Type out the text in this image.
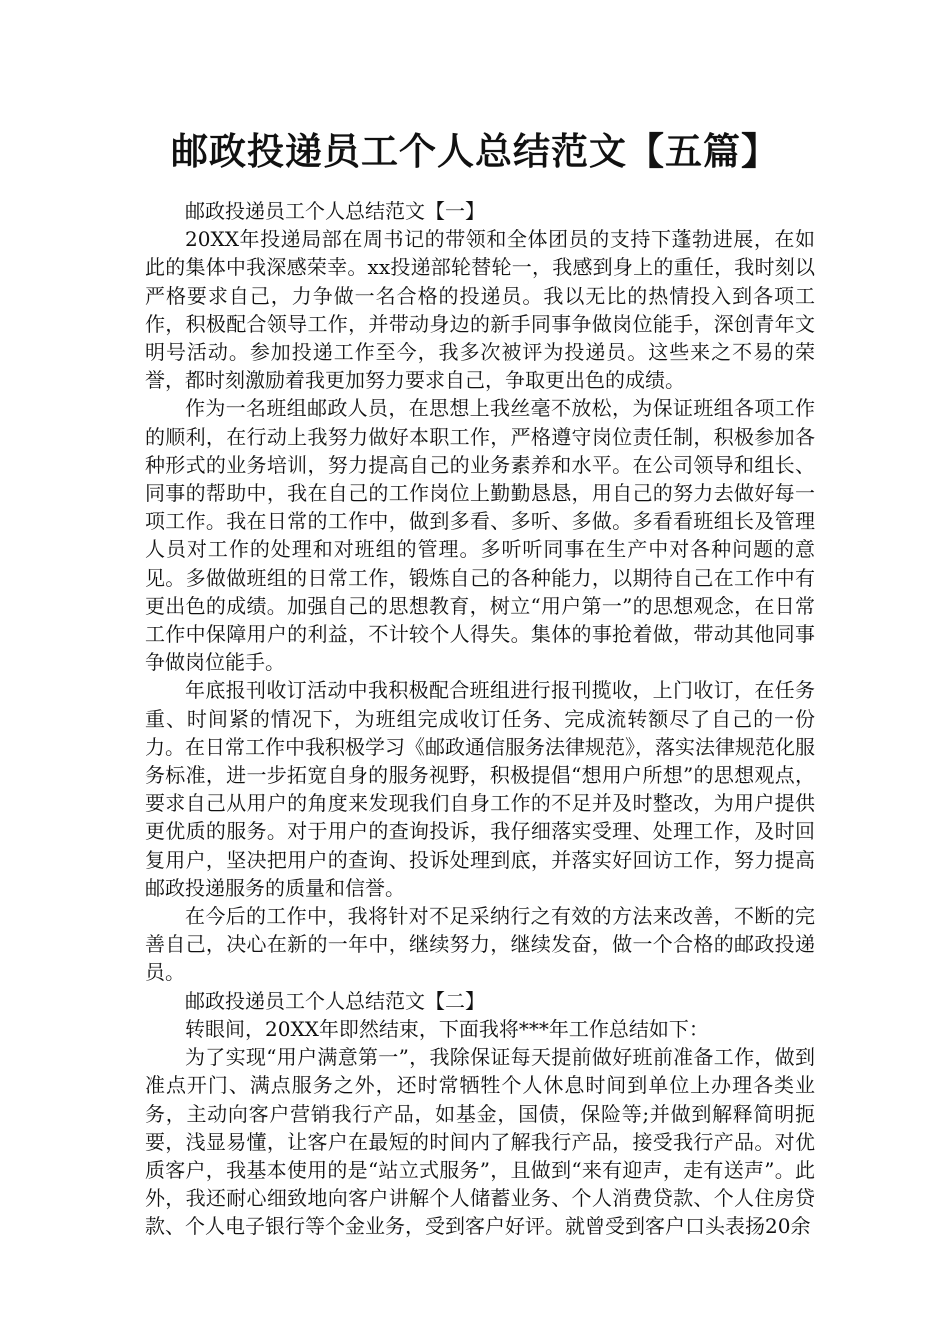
邮政投递员工个人总结范文【五篇】

邮政投递员工个人总结范文【一】

20XX年投递局部在周书记的带领和全体团员的支持下蓬勃进展，在如此的集体中我深感荣幸。xx投递部轮替轮一，我感到身上的重任，我时刻以严格要求自己，力争做一名合格的投递员。我以无比的热情投入到各项工作，积极配合领导工作，并带动身边的新手同事争做岗位能手，深创青年文明号活动。参加投递工作至今，我多次被评为投递员。这些来之不易的荣誉，都时刻激励着我更加努力要求自己，争取更出色的成绩。

作为一名班组邮政人员，在思想上我丝毫不放松，为保证班组各项工作的顺利，在行动上我努力做好本职工作，严格遵守岗位责任制，积极参加各种形式的业务培训，努力提高自己的业务素养和水平。在公司领导和组长、同事的帮助中，我在自己的工作岗位上勤勤恳恳，用自己的努力去做好每一项工作。我在日常的工作中，做到多看、多听、多做。多看看班组长及管理人员对工作的处理和对班组的管理。多听听同事在生产中对各种问题的意见。多做做班组的日常工作，锻炼自己的各种能力，以期待自己在工作中有更出色的成绩。加强自己的思想教育，树立“用户第一”的思想观念，在日常工作中保障用户的利益，不计较个人得失。集体的事抢着做，带动其他同事争做岗位能手。

年底报刊收订活动中我积极配合班组进行报刊揽收，上门收订，在任务重、时间紧的情况下，为班组完成收订任务、完成流转额尽了自己的一份力。在日常工作中我积极学习《邮政通信服务法律规范》，落实法律规范化服务标准，进一步拓宽自身的服务视野，积极提倡“想用户所想”的思想观点，要求自己从用户的角度来发现我们自身工作的不足并及时整改，为用户提供更优质的服务。对于用户的查询投诉，我仔细落实受理、处理工作，及时回复用户，坚决把用户的查询、投诉处理到底，并落实好回访工作，努力提高邮政投递服务的质量和信誉。

在今后的工作中，我将针对不足采纳行之有效的方法来改善，不断的完善自己，决心在新的一年中，继续努力，继续发奋，做一个合格的邮政投递员。

邮政投递员工个人总结范文【二】

转眼间，20XX年即然结束，下面我将***年工作总结如下：

为了实现“用户满意第一”，我除保证每天提前做好班前准备工作，做到准点开门、满点服务之外，还时常牺牲个人休息时间到单位上办理各类业务，主动向客户营销我行产品，如基金，国债，保险等;并做到解释简明扼要，浅显易懂，让客户在最短的时间内了解我行产品，接受我行产品。对优质客户，我基本使用的是“站立式服务”，且做到“来有迎声，走有送声”。此外，我还耐心细致地向客户讲解个人储蓄业务、个人消费贷款、个人住房贷款、个人电子银行等个金业务，受到客户好评。就曾受到客户口头表扬20余
